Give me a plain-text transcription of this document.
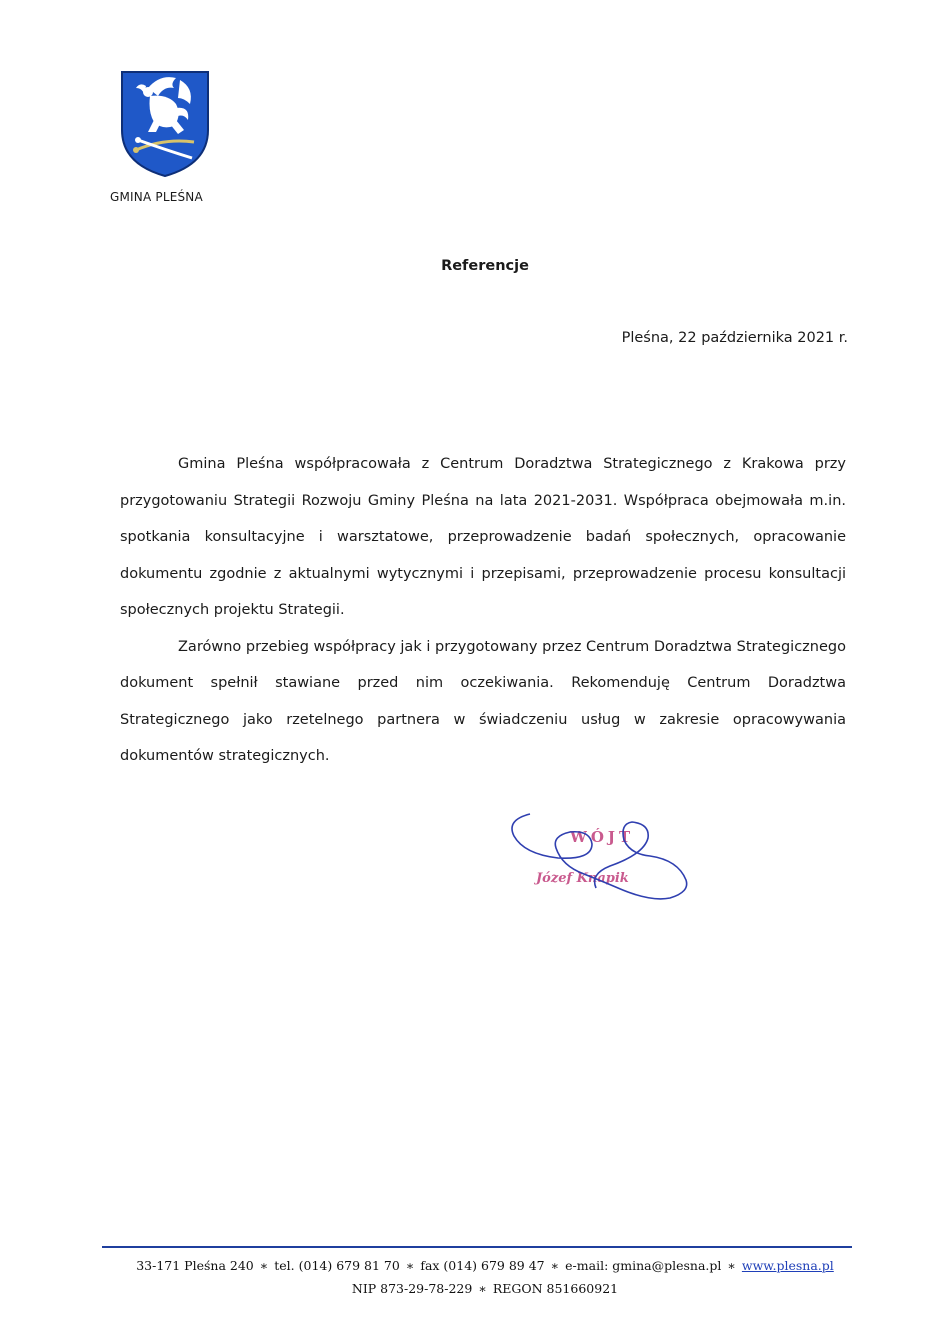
GMINA PLEŚNA
Referencje
Pleśna, 22 października 2021 r.

Gmina Pleśna współpracowała z Centrum Doradztwa Strategicznego z Krakowa przy przygotowaniu Strategii Rozwoju Gminy Pleśna na lata 2021-2031. Współpraca obejmowała m.in. spotkania konsultacyjne i warsztatowe, przeprowadzenie badań społecznych, opracowanie dokumentu zgodnie z aktualnymi wytycznymi i przepisami, przeprowadzenie procesu konsultacji społecznych projektu Strategii.

Zarówno przebieg współpracy jak i przygotowany przez Centrum Doradztwa Strategicznego dokument spełnił stawiane przed nim oczekiwania. Rekomenduję Centrum Doradztwa Strategicznego jako rzetelnego partnera w świadczeniu usług w zakresie opracowywania dokumentów strategicznych.

WÓJT
Józef Knapik
33-171 Pleśna 240 ∗ tel. (014) 679 81 70 ∗ fax (014) 679 89 47 ∗ e-mail: gmina@plesna.pl ∗ www.plesna.pl
NIP 873-29-78-229 ∗ REGON 851660921
